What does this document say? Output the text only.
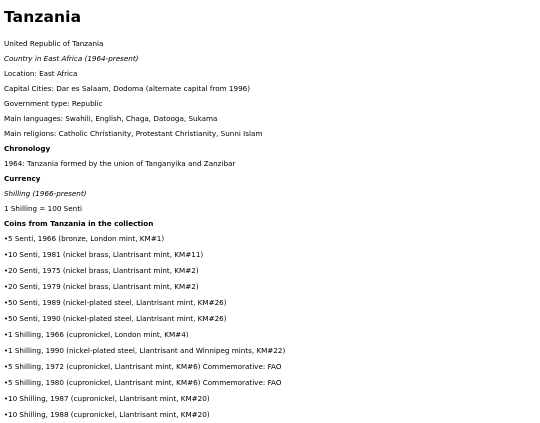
Tanzania

United Republic of Tanzania

Country in East Africa (1964-present)

Location: East Africa

Capital Cities: Dar es Salaam, Dodoma (alternate capital from 1996)

Government type: Republic

Main languages: Swahili, English, Chaga, Datooga, Sukama

Main religions: Catholic Christianity, Protestant Christianity, Sunni Islam

Chronology

1964: Tanzania formed by the union of Tanganyika and Zanzibar

Currency

Shilling (1966-present)

1 Shilling = 100 Senti

Coins from Tanzania in the collection

•5 Senti, 1966 (bronze, London mint, KM#1)
•10 Senti, 1981 (nickel brass, Llantrisant mint, KM#11)
•20 Senti, 1975 (nickel brass, Llantrisant mint, KM#2)
•20 Senti, 1979 (nickel brass, Llantrisant mint, KM#2)
•50 Senti, 1989 (nickel-plated steel, Llantrisant mint, KM#26)
•50 Senti, 1990 (nickel-plated steel, Llantrisant mint, KM#26)
•1 Shilling, 1966 (cupronickel, London mint, KM#4)
•1 Shilling, 1990 (nickel-plated steel, Llantrisant and Winnipeg mints, KM#22)
•5 Shilling, 1972 (cupronickel, Llantrisant mint, KM#6) Commemorative: FAO
•5 Shilling, 1980 (cupronickel, Llantrisant mint, KM#6) Commemorative: FAO
•10 Shilling, 1987 (cupronickel, Llantrisant mint, KM#20)
•10 Shilling, 1988 (cupronickel, Llantrisant mint, KM#20)
